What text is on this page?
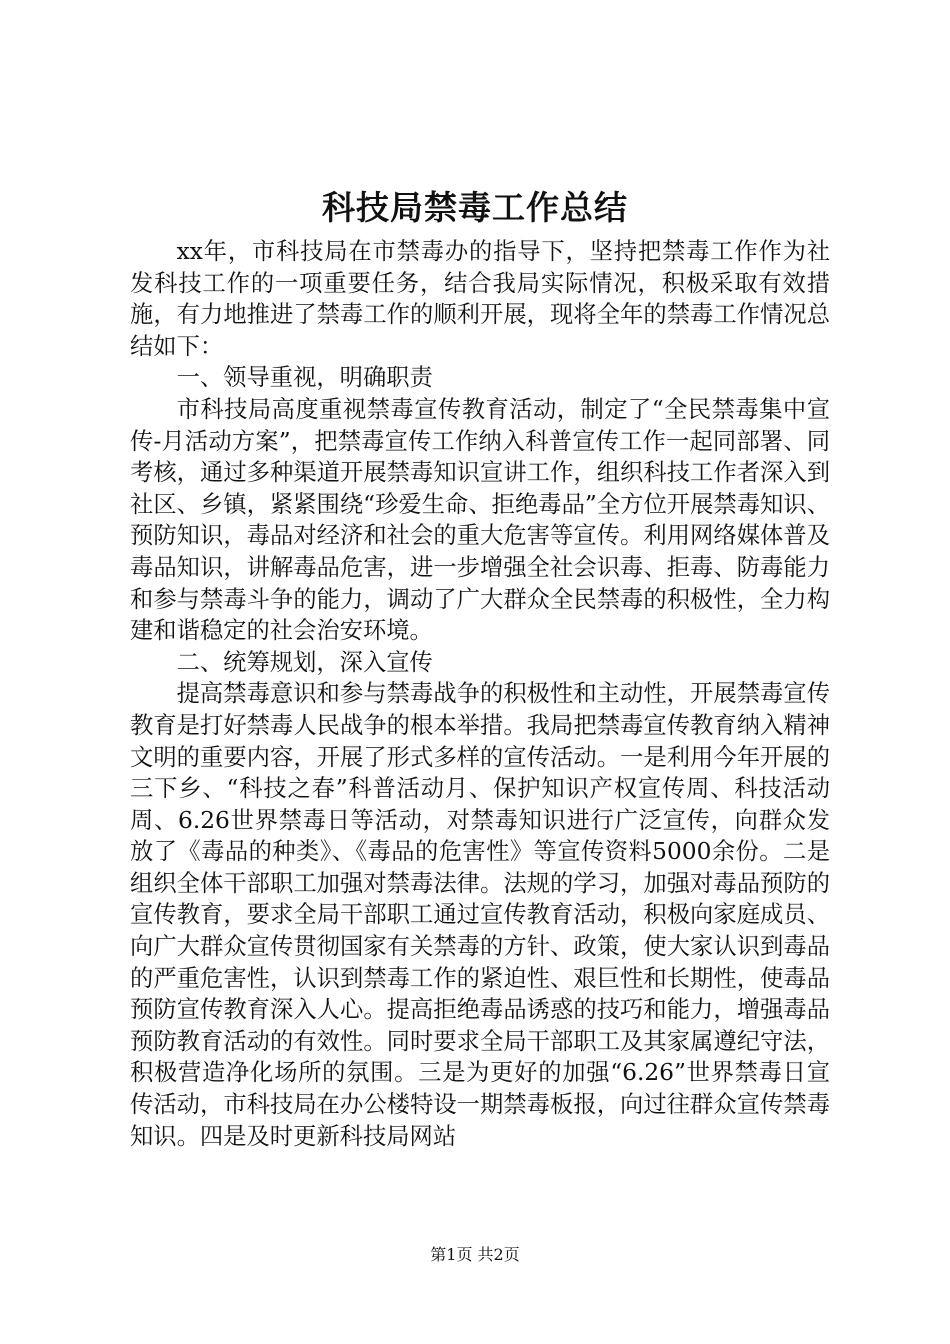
科技局禁毒工作总结

xx年，市科技局在市禁毒办的指导下，坚持把禁毒工作作为社发科技工作的一项重要任务，结合我局实际情况，积极采取有效措施，有力地推进了禁毒工作的顺利开展，现将全年的禁毒工作情况总结如下：

一、领导重视，明确职责

市科技局高度重视禁毒宣传教育活动，制定了“全民禁毒集中宣传-月活动方案”，把禁毒宣传工作纳入科普宣传工作一起同部署、同考核，通过多种渠道开展禁毒知识宣讲工作，组织科技工作者深入到社区、乡镇，紧紧围绕“珍爱生命、拒绝毒品”全方位开展禁毒知识、预防知识，毒品对经济和社会的重大危害等宣传。利用网络媒体普及毒品知识，讲解毒品危害，进一步增强全社会识毒、拒毒、防毒能力和参与禁毒斗争的能力，调动了广大群众全民禁毒的积极性，全力构建和谐稳定的社会治安环境。

二、统筹规划，深入宣传

提高禁毒意识和参与禁毒战争的积极性和主动性，开展禁毒宣传教育是打好禁毒人民战争的根本举措。我局把禁毒宣传教育纳入精神文明的重要内容，开展了形式多样的宣传活动。一是利用今年开展的三下乡、“科技之春”科普活动月、保护知识产权宣传周、科技活动周、6.26世界禁毒日等活动，对禁毒知识进行广泛宣传，向群众发放了《毒品的种类》、《毒品的危害性》等宣传资料5000余份。二是组织全体干部职工加强对禁毒法律。法规的学习，加强对毒品预防的宣传教育，要求全局干部职工通过宣传教育活动，积极向家庭成员、向广大群众宣传贯彻国家有关禁毒的方针、政策，使大家认识到毒品的严重危害性，认识到禁毒工作的紧迫性、艰巨性和长期性，使毒品预防宣传教育深入人心。提高拒绝毒品诱惑的技巧和能力，增强毒品预防教育活动的有效性。同时要求全局干部职工及其家属遵纪守法，积极营造净化场所的氛围。三是为更好的加强“6.26”世界禁毒日宣传活动，市科技局在办公楼特设一期禁毒板报，向过往群众宣传禁毒知识。四是及时更新科技局网站

第1页 共2页
